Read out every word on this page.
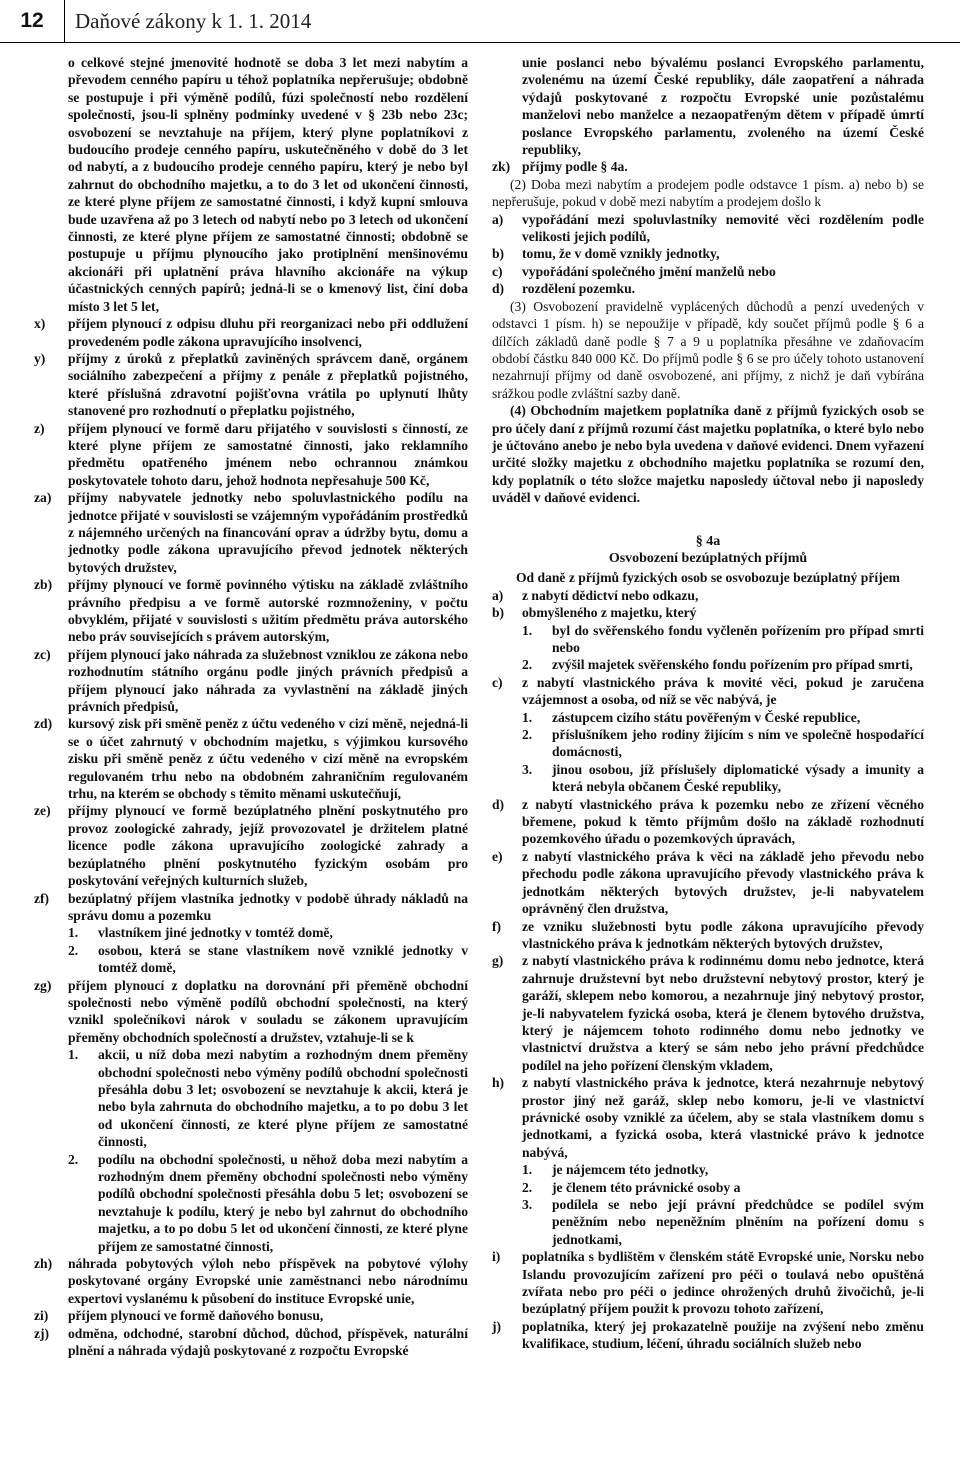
12	Daňové zákony k 1. 1. 2014

o celkové stejné jmenovité hodnotě se doba 3 let mezi nabytím a převodem cenného papíru u téhož poplatníka nepřerušuje; obdobně se postupuje i při výměně podílů, fúzi společností nebo rozdělení společnosti, jsou-li splněny podmínky uvedené v § 23b nebo 23c; osvobození se nevztahuje na příjem, který plyne poplatníkovi z budoucího prodeje cenného papíru, uskutečněného v době do 3 let od nabytí, a z budoucího prodeje cenného papíru, který je nebo byl zahrnut do obchodního majetku, a to do 3 let od ukončení činnosti, ze které plyne příjem ze samostatné činnosti, i když kupní smlouva bude uzavřena až po 3 letech od nabytí nebo po 3 letech od ukončení činnosti, ze které plyne příjem ze samostatné činnosti; obdobně se postupuje u příjmu plynoucího jako protiplnění menšinovému akcionáři při uplatnění práva hlavního akcionáře na výkup účastnických cenných papírů; jedná-li se o kmenový list, činí doba místo 3 let 5 let,

x)	příjem plynoucí z odpisu dluhu při reorganizaci nebo při oddlužení provedeném podle zákona upravujícího insolvenci,
y)	příjmy z úroků z přeplatků zaviněných správcem daně, orgánem sociálního zabezpečení a příjmy z penále z přeplatků pojistného, které příslušná zdravotní pojišťovna vrátila po uplynutí lhůty stanovené pro rozhodnutí o přeplatku pojistného,
z)	příjem plynoucí ve formě daru přijatého v souvislosti s činností, ze které plyne příjem ze samostatné činnosti, jako reklamního předmětu opatřeného jménem nebo ochrannou známkou poskytovatele tohoto daru, jehož hodnota nepřesahuje 500 Kč,
za)	příjmy nabyvatele jednotky nebo spoluvlastnického podílu na jednotce přijaté v souvislosti se vzájemným vypořádáním prostředků z nájemného určených na financování oprav a údržby bytu, domu a jednotky podle zákona upravujícího převod jednotek některých bytových družstev,
zb)	příjmy plynoucí ve formě povinného výtisku na základě zvláštního právního předpisu a ve formě autorské rozmnoženiny, v počtu obvyklém, přijaté v souvislosti s užitím předmětu práva autorského nebo práv souvisejících s právem autorským,
zc)	příjem plynoucí jako náhrada za služebnost vzniklou ze zákona nebo rozhodnutím státního orgánu podle jiných právních předpisů a příjem plynoucí jako náhrada za vyvlastnění na základě jiných právních předpisů,
zd)	kursový zisk při směně peněz z účtu vedeného v cizí měně, nejedná-li se o účet zahrnutý v obchodním majetku, s výjimkou kursového zisku při směně peněz z účtu vedeného v cizí měně na evropském regulovaném trhu nebo na obdobném zahraničním regulovaném trhu, na kterém se obchody s těmito měnami uskutečňují,
ze)	příjmy plynoucí ve formě bezúplatného plnění poskytnutého pro provoz zoologické zahrady, jejíž provozovatel je držitelem platné licence podle zákona upravujícího zoologické zahrady a bezúplatného plnění poskytnutého fyzickým osobám pro poskytování veřejných kulturních služeb,
zf)	bezúplatný příjem vlastníka jednotky v podobě úhrady nákladů na správu domu a pozemku
1.	vlastníkem jiné jednotky v tomtéž domě,
2.	osobou, která se stane vlastníkem nově vzniklé jednotky v tomtéž domě,
zg)	příjem plynoucí z doplatku na dorovnání při přeměně obchodní společnosti nebo výměně podílů obchodní společnosti, na který vznikl společníkovi nárok v souladu se zákonem upravujícím přeměny obchodních společností a družstev, vztahuje-li se k
1.	akcii, u níž doba mezi nabytím a rozhodným dnem přeměny obchodní společnosti nebo výměny podílů obchodní společnosti přesáhla dobu 3 let; osvobození se nevztahuje k akcii, která je nebo byla zahrnuta do obchodního majetku, a to po dobu 3 let od ukončení činnosti, ze které plyne příjem ze samostatné činnosti,
2.	podílu na obchodní společnosti, u něhož doba mezi nabytím a rozhodným dnem přeměny obchodní společnosti nebo výměny podílů obchodní společnosti přesáhla dobu 5 let; osvobození se nevztahuje k podílu, který je nebo byl zahrnut do obchodního majetku, a to po dobu 5 let od ukončení činnosti, ze které plyne příjem ze samostatné činnosti,
zh)	náhrada pobytových výloh nebo příspěvek na pobytové výlohy poskytované orgány Evropské unie zaměstnanci nebo národnímu expertovi vyslanému k působení do instituce Evropské unie,
zi)	příjem plynoucí ve formě daňového bonusu,
zj)	odměna, odchodné, starobní důchod, důchod, příspěvek, naturální plnění a náhrada výdajů poskytované z rozpočtu Evropské

unie poslanci nebo bývalému poslanci Evropského parlamentu, zvolenému na území České republiky, dále zaopatření a náhrada výdajů poskytované z rozpočtu Evropské unie pozůstalému manželovi nebo manželce a nezaopatřeným dětem v případě úmrtí poslance Evropského parlamentu, zvoleného na území České republiky,

zk) příjmy podle § 4a.

(2) Doba mezi nabytím a prodejem podle odstavce 1 písm. a) nebo b) se nepřerušuje, pokud v době mezi nabytím a prodejem došlo k

a)	vypořádání mezi spoluvlastníky nemovité věci rozdělením podle velikosti jejich podílů,
b)	tomu, že v domě vznikly jednotky,
c)	vypořádání společného jmění manželů nebo
d)	rozdělení pozemku.

(3) Osvobození pravidelně vyplácených důchodů a penzí uvedených v odstavci 1 písm. h) se nepoužije v případě, kdy součet příjmů podle § 6 a dílčích základů daně podle § 7 a 9 u poplatníka přesáhne ve zdaňovacím období částku 840 000 Kč. Do příjmů podle § 6 se pro účely tohoto ustanovení nezahrnují příjmy od daně osvobozené, ani příjmy, z nichž je daň vybírána srážkou podle zvláštní sazby daně.

(4) Obchodním majetkem poplatníka daně z příjmů fyzických osob se pro účely daní z příjmů rozumí část majetku poplatníka, o které bylo nebo je účtováno anebo je nebo byla uvedena v daňové evidenci. Dnem vyřazení určité složky majetku z obchodního majetku poplatníka se rozumí den, kdy poplatník o této složce majetku naposledy účtoval nebo ji naposledy uváděl v daňové evidenci.

§ 4a
Osvobození bezúplatných příjmů

Od daně z příjmů fyzických osob se osvobozuje bezúplatný příjem

a)	z nabytí dědictví nebo odkazu,
b)	obmyšleného z majetku, který
1.	byl do svěřenského fondu vyčleněn pořízením pro případ smrti nebo
2.	zvýšil majetek svěřenského fondu pořízením pro případ smrti,
c)	z nabytí vlastnického práva k movité věci, pokud je zaručena vzájemnost a osoba, od níž se věc nabývá, je
1.	zástupcem cizího státu pověřeným v České republice,
2.	příslušníkem jeho rodiny žijícím s ním ve společně hospodařící domácnosti,
3.	jinou osobou, jíž příslušely diplomatické výsady a imunity a která nebyla občanem České republiky,
d)	z nabytí vlastnického práva k pozemku nebo ze zřízení věcného břemene, pokud k těmto příjmům došlo na základě rozhodnutí pozemkového úřadu o pozemkových úpravách,
e)	z nabytí vlastnického práva k věci na základě jeho převodu nebo přechodu podle zákona upravujícího převody vlastnického práva k jednotkám některých bytových družstev, je-li nabyvatelem oprávněný člen družstva,
f)	ze vzniku služebnosti bytu podle zákona upravujícího převody vlastnického práva k jednotkám některých bytových družstev,
g)	z nabytí vlastnického práva k rodinnému domu nebo jednotce, která zahrnuje družstevní byt nebo družstevní nebytový prostor, který je garáží, sklepem nebo komorou, a nezahrnuje jiný nebytový prostor, je-li nabyvatelem fyzická osoba, která je členem bytového družstva, který je nájemcem tohoto rodinného domu nebo jednotky ve vlastnictví družstva a který se sám nebo jeho právní předchůdce podílel na jeho pořízení členským vkladem,
h)	z nabytí vlastnického práva k jednotce, která nezahrnuje nebytový prostor jiný než garáž, sklep nebo komoru, je-li ve vlastnictví právnické osoby vzniklé za účelem, aby se stala vlastníkem domu s jednotkami, a fyzická osoba, která vlastnické právo k jednotce nabývá,
1.	je nájemcem této jednotky,
2.	je členem této právnické osoby a
3.	podílela se nebo její právní předchůdce se podílel svým peněžním nebo nepeněžním plněním na pořízení domu s jednotkami,
i)	poplatníka s bydlištěm v členském státě Evropské unie, Norsku nebo Islandu provozujícím zařízení pro péči o toulavá nebo opuštěná zvířata nebo pro péči o jedince ohrožených druhů živočichů, je-li bezúplatný příjem použit k provozu tohoto zařízení,
j)	poplatníka, který jej prokazatelně použije na zvýšení nebo změnu kvalifikace, studium, léčení, úhradu sociálních služeb nebo
